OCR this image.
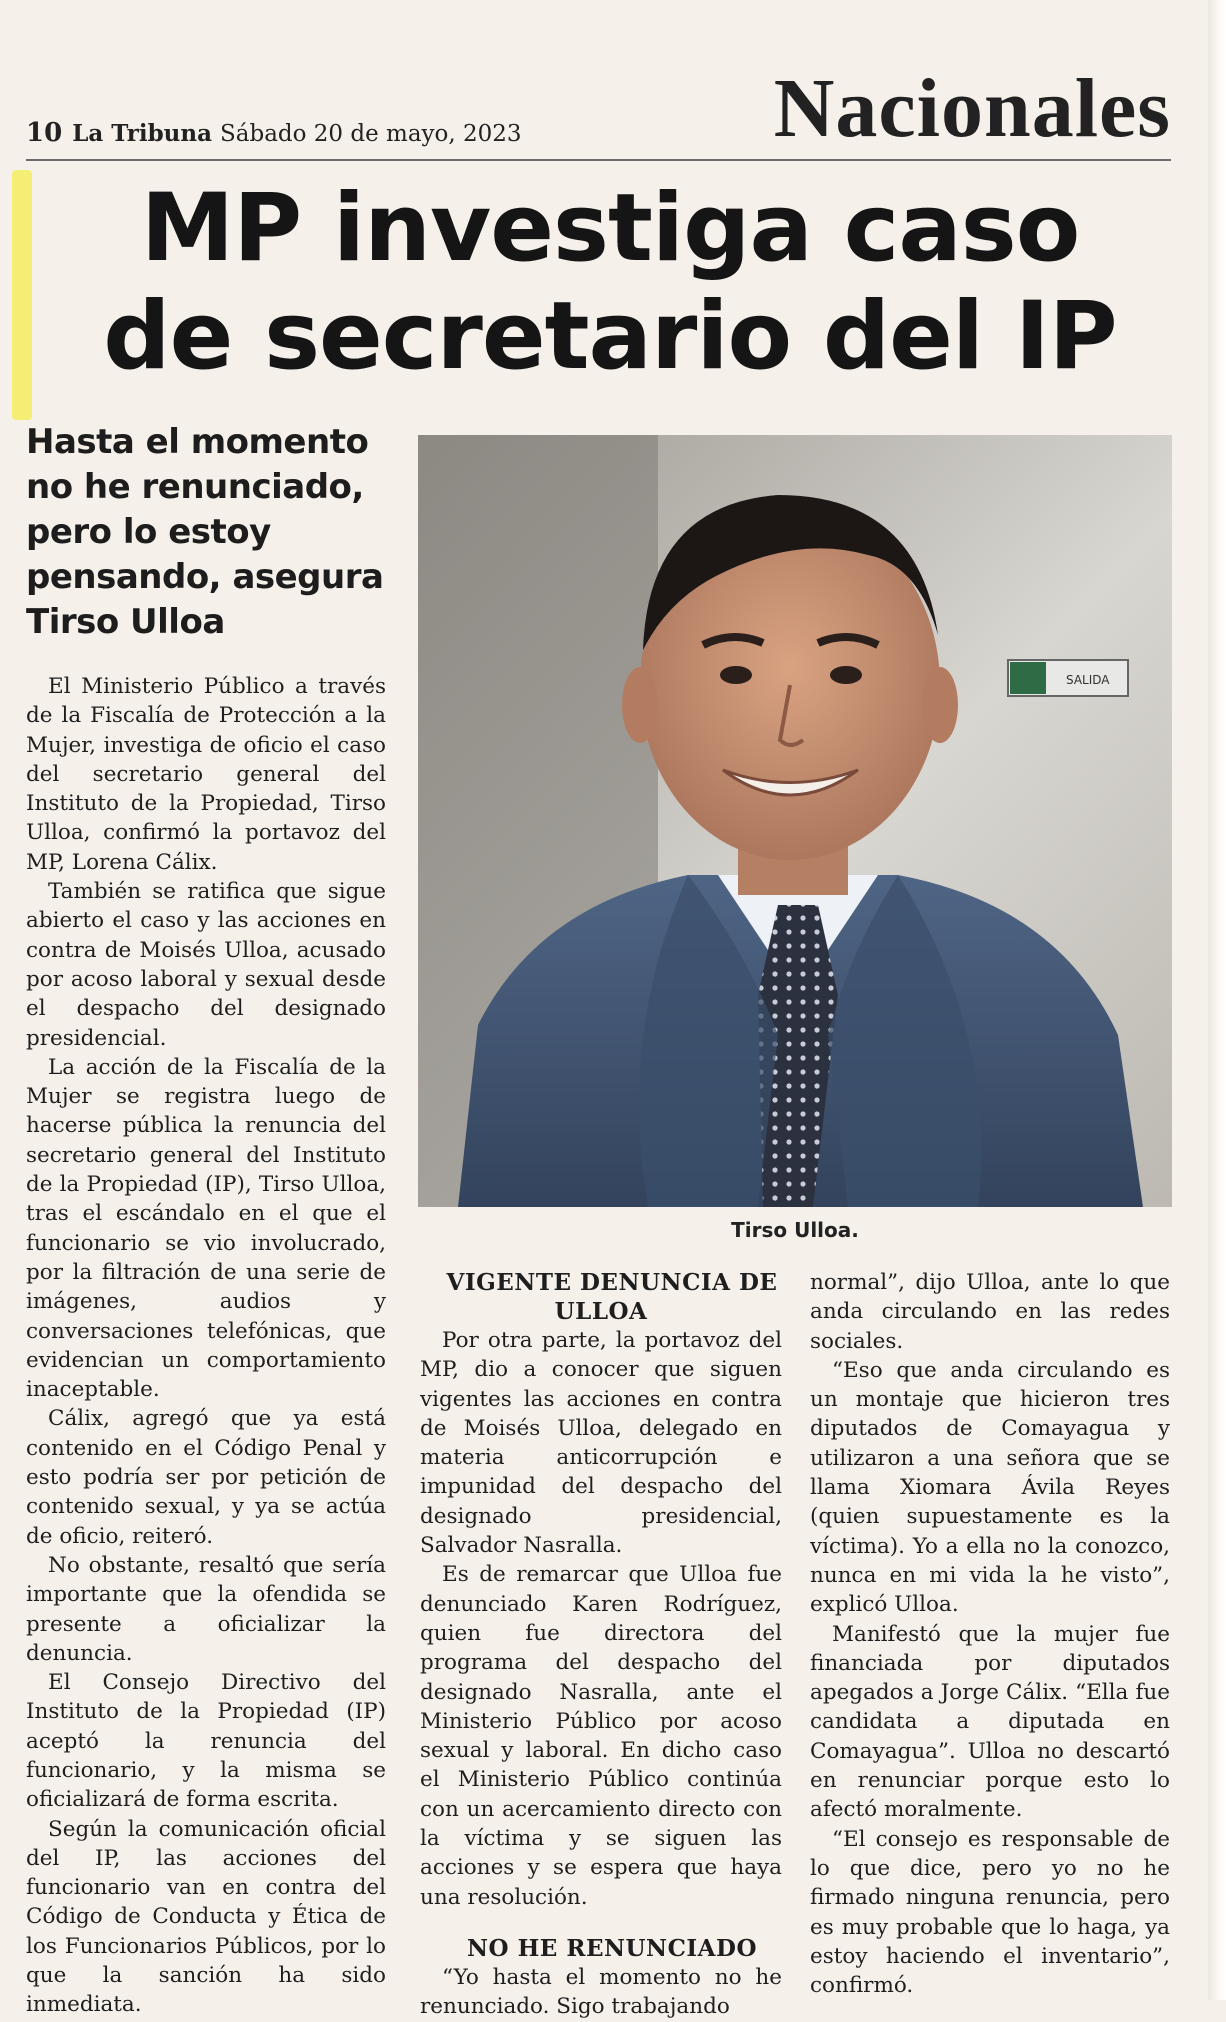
10 La Tribuna Sábado 20 de mayo, 2023	Nacionales
MP investiga caso
de secretario del IP
Hasta el momento no he renunciado, pero lo estoy pensando, asegura Tirso Ulloa

El Ministerio Público a través de la Fiscalía de Protección a la Mujer, investiga de oficio el caso del secretario general del Instituto de la Propiedad, Tirso Ulloa, confirmó la portavoz del MP, Lorena Cálix.

También se ratifica que sigue abierto el caso y las acciones en contra de Moisés Ulloa, acusado por acoso laboral y sexual desde el despacho del designado presidencial.

La acción de la Fiscalía de la Mujer se registra luego de hacerse pública la renuncia del secretario general del Instituto de la Propiedad (IP), Tirso Ulloa, tras el escándalo en el que el funcionario se vio involucrado, por la filtración de una serie de imágenes, audios y conversaciones telefónicas, que evidencian un comportamiento inaceptable.

Cálix, agregó que ya está contenido en el Código Penal y esto podría ser por petición de contenido sexual, y ya se actúa de oficio, reiteró.

No obstante, resaltó que sería importante que la ofendida se presente a oficializar la denuncia.

El Consejo Directivo del Instituto de la Propiedad (IP) aceptó la renuncia del funcionario, y la misma se oficializará de forma escrita.

Según la comunicación oficial del IP, las acciones del funcionario van en contra del Código de Conducta y Ética de los Funcionarios Públicos, por lo que la sanción ha sido inmediata.

SALIDA
Tirso Ulloa.

VIGENTE DENUNCIA DE ULLOA

Por otra parte, la portavoz del MP, dio a conocer que siguen vigentes las acciones en contra de Moisés Ulloa, delegado en materia anticorrupción e impunidad del despacho del designado presidencial, Salvador Nasralla.

Es de remarcar que Ulloa fue denunciado Karen Rodríguez, quien fue directora del programa del despacho del designado Nasralla, ante el Ministerio Público por acoso sexual y laboral. En dicho caso el Ministerio Público continúa con un acercamiento directo con la víctima y se siguen las acciones y se espera que haya una resolución.

NO HE RENUNCIADO

“Yo hasta el momento no he renunciado. Sigo trabajando

normal”, dijo Ulloa, ante lo que anda circulando en las redes sociales.

“Eso que anda circulando es un montaje que hicieron tres diputados de Comayagua y utilizaron a una señora que se llama Xiomara Ávila Reyes (quien supuestamente es la víctima). Yo a ella no la conozco, nunca en mi vida la he visto”, explicó Ulloa.

Manifestó que la mujer fue financiada por diputados apegados a Jorge Cálix. “Ella fue candidata a diputada en Comayagua”. Ulloa no descartó en renunciar porque esto lo afectó moralmente.

“El consejo es responsable de lo que dice, pero yo no he firmado ninguna renuncia, pero es muy probable que lo haga, ya estoy haciendo el inventario”, confirmó.
